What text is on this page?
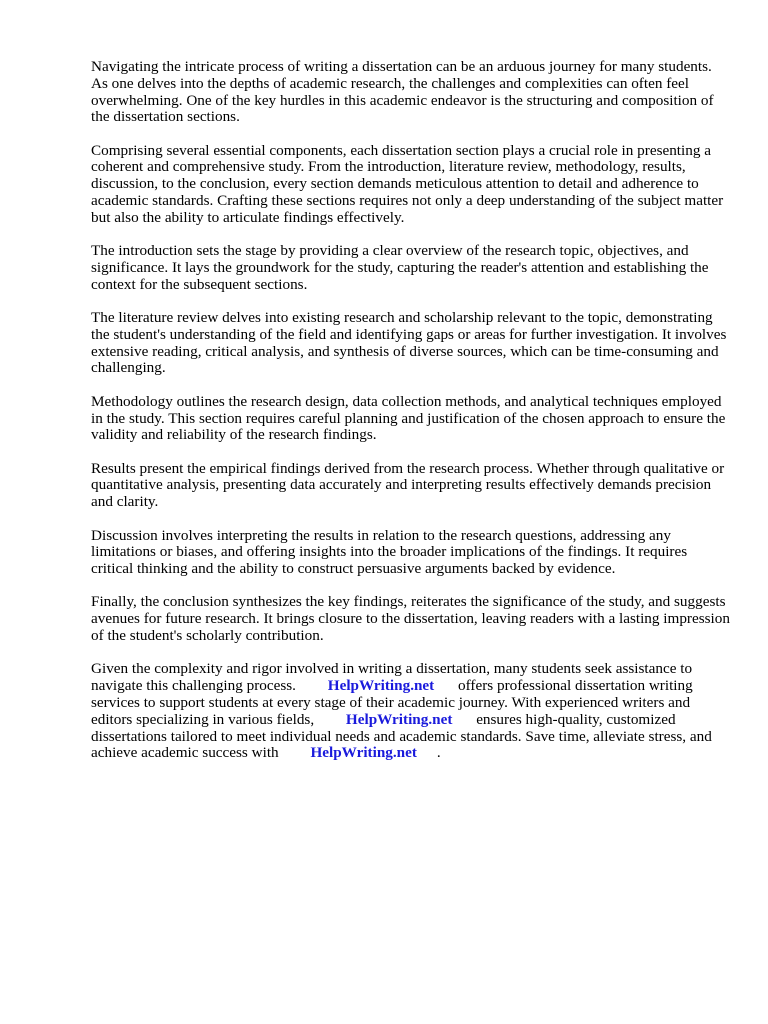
Navigating the intricate process of writing a dissertation can be an arduous journey for many students. As one delves into the depths of academic research, the challenges and complexities can often feel overwhelming. One of the key hurdles in this academic endeavor is the structuring and composition of the dissertation sections.

Comprising several essential components, each dissertation section plays a crucial role in presenting a coherent and comprehensive study. From the introduction, literature review, methodology, results, discussion, to the conclusion, every section demands meticulous attention to detail and adherence to academic standards. Crafting these sections requires not only a deep understanding of the subject matter but also the ability to articulate findings effectively.

The introduction sets the stage by providing a clear overview of the research topic, objectives, and significance. It lays the groundwork for the study, capturing the reader's attention and establishing the context for the subsequent sections.

The literature review delves into existing research and scholarship relevant to the topic, demonstrating the student's understanding of the field and identifying gaps or areas for further investigation. It involves extensive reading, critical analysis, and synthesis of diverse sources, which can be time-consuming and challenging.

Methodology outlines the research design, data collection methods, and analytical techniques employed in the study. This section requires careful planning and justification of the chosen approach to ensure the validity and reliability of the research findings.

Results present the empirical findings derived from the research process. Whether through qualitative or quantitative analysis, presenting data accurately and interpreting results effectively demands precision and clarity.

Discussion involves interpreting the results in relation to the research questions, addressing any limitations or biases, and offering insights into the broader implications of the findings. It requires critical thinking and the ability to construct persuasive arguments backed by evidence.

Finally, the conclusion synthesizes the key findings, reiterates the significance of the study, and suggests avenues for future research. It brings closure to the dissertation, leaving readers with a lasting impression of the student's scholarly contribution.

Given the complexity and rigor involved in writing a dissertation, many students seek assistance to navigate this challenging process. HelpWriting.net offers professional dissertation writing services to support students at every stage of their academic journey. With experienced writers and editors specializing in various fields, HelpWriting.net ensures high-quality, customized dissertations tailored to meet individual needs and academic standards. Save time, alleviate stress, and achieve academic success with HelpWriting.net .
